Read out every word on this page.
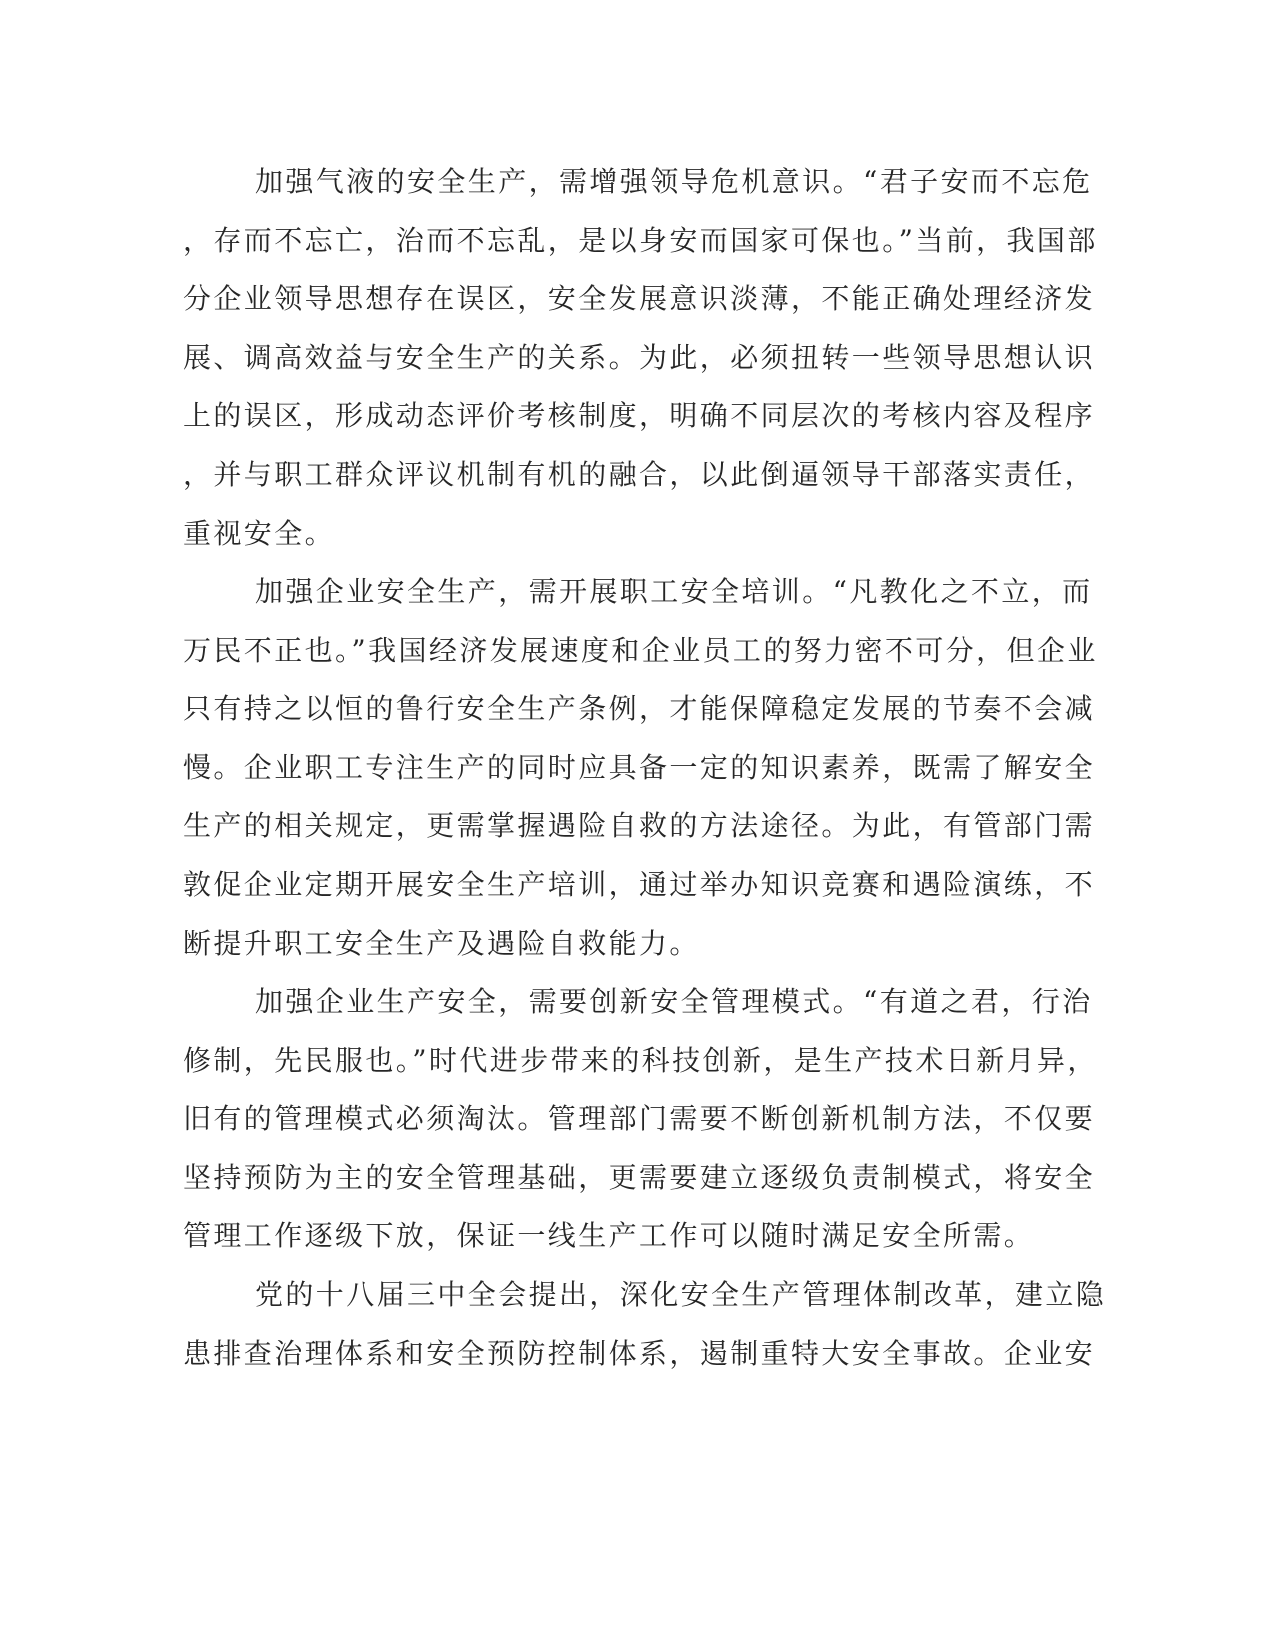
加强气液的安全生产，需增强领导危机意识。“君子安而不忘危

，存而不忘亡，治而不忘乱，是以身安而国家可保也。”当前，我国部

分企业领导思想存在误区，安全发展意识淡薄，不能正确处理经济发

展、调高效益与安全生产的关系。为此，必须扭转一些领导思想认识

上的误区，形成动态评价考核制度，明确不同层次的考核内容及程序

，并与职工群众评议机制有机的融合，以此倒逼领导干部落实责任，

重视安全。

加强企业安全生产，需开展职工安全培训。“凡教化之不立，而

万民不正也。”我国经济发展速度和企业员工的努力密不可分，但企业

只有持之以恒的鲁行安全生产条例，才能保障稳定发展的节奏不会减

慢。企业职工专注生产的同时应具备一定的知识素养，既需了解安全

生产的相关规定，更需掌握遇险自救的方法途径。为此，有管部门需

敦促企业定期开展安全生产培训，通过举办知识竞赛和遇险演练，不

断提升职工安全生产及遇险自救能力。

加强企业生产安全，需要创新安全管理模式。“有道之君，行治

修制，先民服也。”时代进步带来的科技创新，是生产技术日新月异，

旧有的管理模式必须淘汰。管理部门需要不断创新机制方法，不仅要

坚持预防为主的安全管理基础，更需要建立逐级负责制模式，将安全

管理工作逐级下放，保证一线生产工作可以随时满足安全所需。

党的十八届三中全会提出，深化安全生产管理体制改革，建立隐

患排查治理体系和安全预防控制体系，遏制重特大安全事故。企业安
